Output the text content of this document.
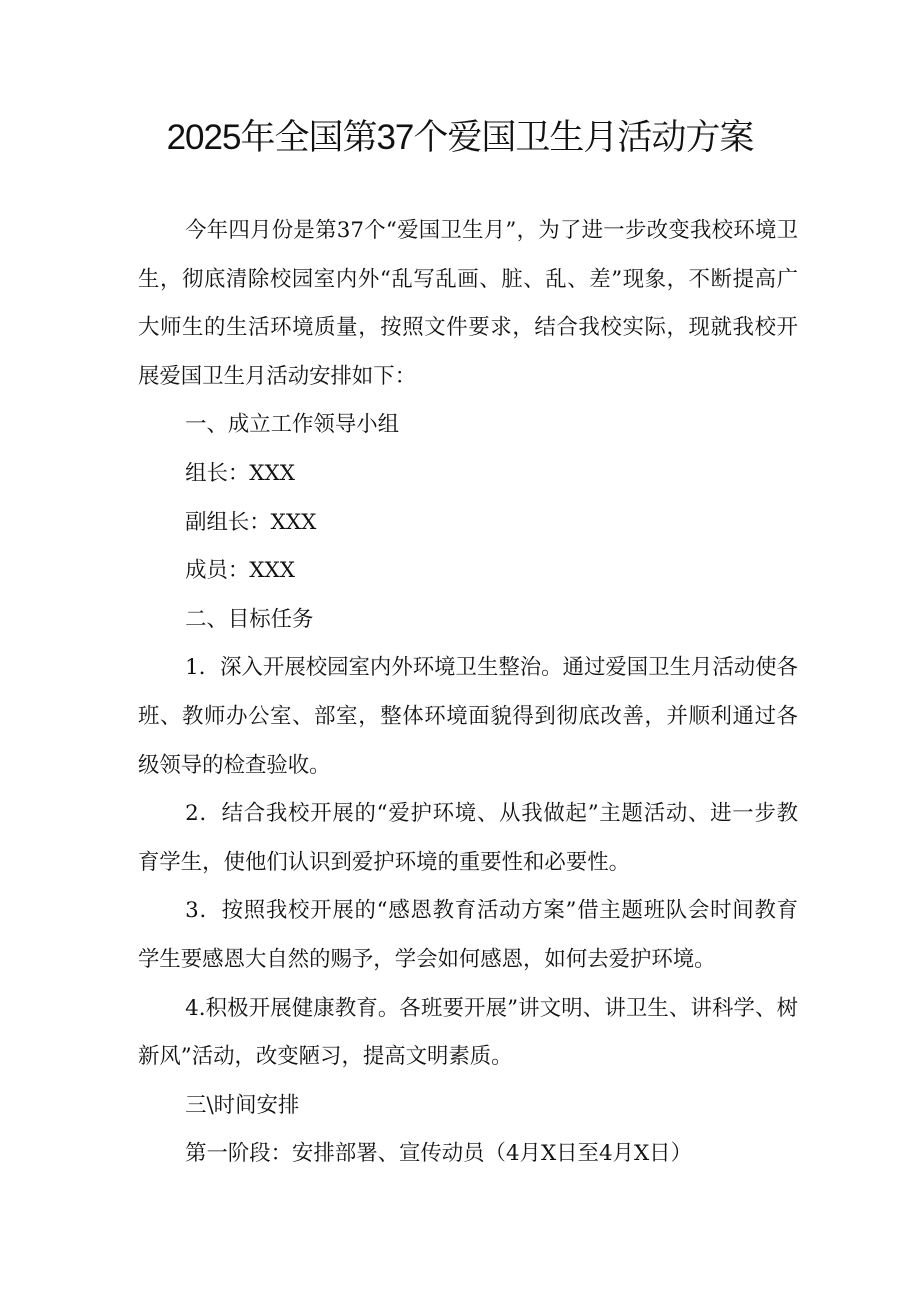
2025年全国第37个爱国卫生月活动方案

今年四月份是第37个“爱国卫生月”，为了进一步改变我校环境卫生，彻底清除校园室内外“乱写乱画、脏、乱、差”现象，不断提高广大师生的生活环境质量，按照文件要求，结合我校实际，现就我校开展爱国卫生月活动安排如下：

一、成立工作领导小组

组长：XXX

副组长：XXX

成员：XXX

二、目标任务

1．深入开展校园室内外环境卫生整治。通过爱国卫生月活动使各班、教师办公室、部室，整体环境面貌得到彻底改善，并顺利通过各级领导的检查验收。

2．结合我校开展的“爱护环境、从我做起”主题活动、进一步教育学生，使他们认识到爱护环境的重要性和必要性。

3．按照我校开展的“感恩教育活动方案”借主题班队会时间教育学生要感恩大自然的赐予，学会如何感恩，如何去爱护环境。

4.积极开展健康教育。各班要开展”讲文明、讲卫生、讲科学、树新风”活动，改变陋习，提高文明素质。

三\时间安排

第一阶段：安排部署、宣传动员（4月X日至4月X日）
